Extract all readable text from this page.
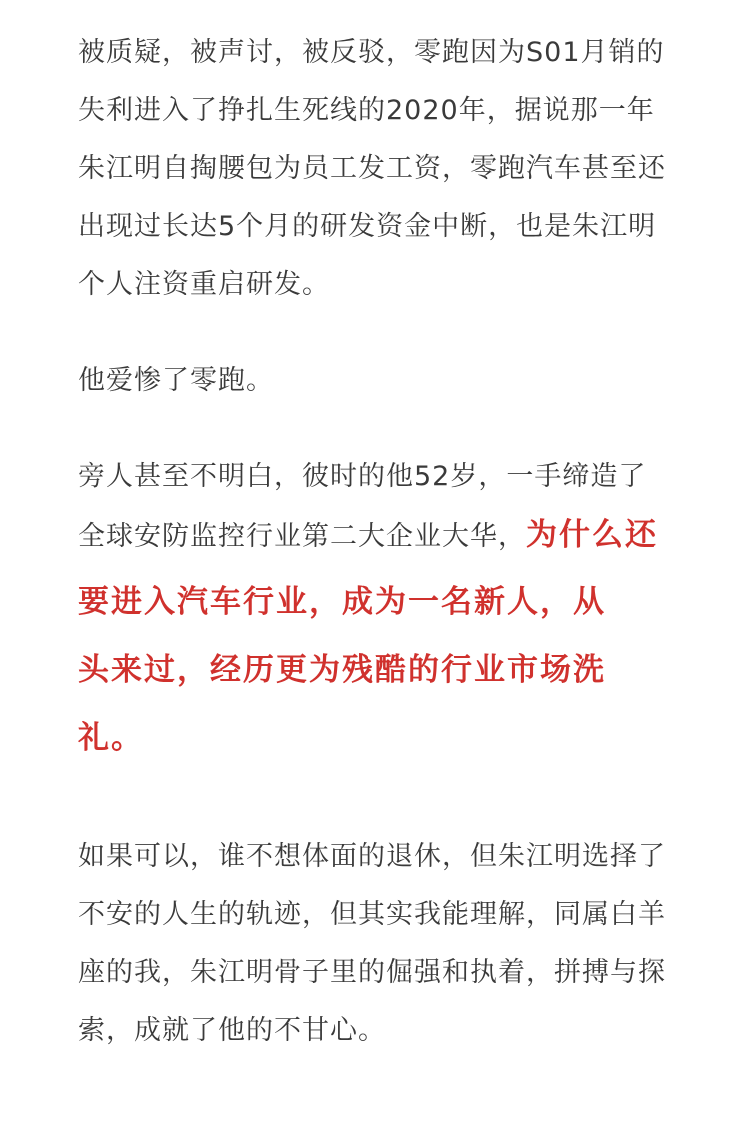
被质疑，被声讨，被反驳，零跑因为S01月销的
失利进入了挣扎生死线的2020年，据说那一年
朱江明自掏腰包为员工发工资，零跑汽车甚至还
出现过长达5个月的研发资金中断，也是朱江明
个人注资重启研发。
他爱惨了零跑。
旁人甚至不明白，彼时的他52岁，一手缔造了
全球安防监控行业第二大企业大华，为什么还
要进入汽车行业，成为一名新人，从
头来过，经历更为残酷的行业市场洗
礼。
如果可以，谁不想体面的退休，但朱江明选择了
不安的人生的轨迹，但其实我能理解，同属白羊
座的我，朱江明骨子里的倔强和执着，拼搏与探
索，成就了他的不甘心。
